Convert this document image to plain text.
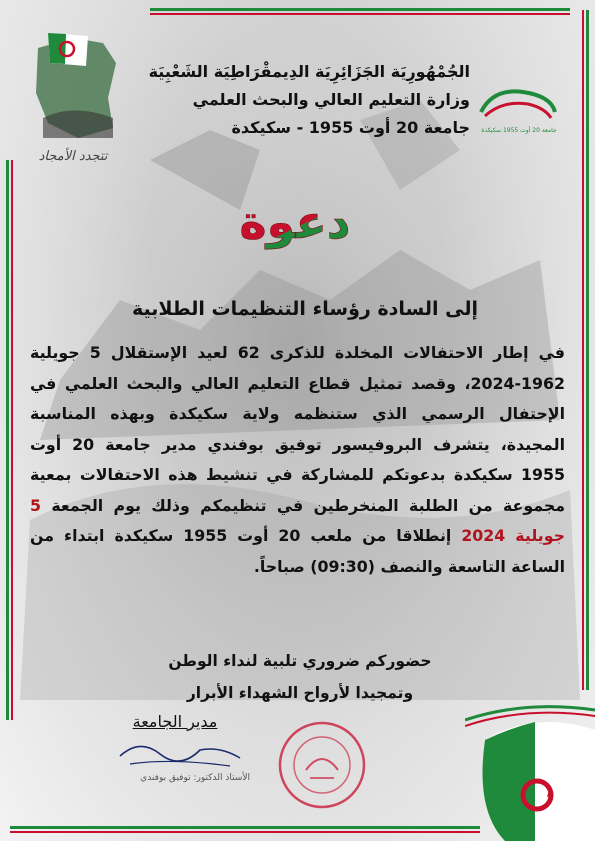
تتجدد الأمجاد
جامعة 20 أوت 1955 سكيكدة
الجُمْهُورِيَة الجَزَائِرِيَة الدِيمقْرَاطِيَة الشَعْبِيَة
وزارة التعليم العالي والبحث العلمي
جامعة 20 أوت 1955 - سكيكدة
دعوة
إلى السادة رؤساء التنظيمات الطلابية
في إطار الاحتفالات المخلدة للذكرى 62 لعيد الإستقلال 5 جويلية 1962-2024، وقصد تمثيل قطاع التعليم العالي والبحث العلمي في الإحتفال الرسمي الذي ستنظمه ولاية سكيكدة وبهذه المناسبة المجيدة، يتشرف البروفيسور توفيق بوفندي مدير جامعة 20 أوت 1955 سكيكدة بدعوتكم للمشاركة في تنشيط هذه الاحتفالات بمعية مجموعة من الطلبة المنخرطين في تنظيمكم وذلك يوم الجمعة 5 جويلية 2024 إنطلاقا من ملعب 20 أوت 1955 سكيكدة ابتداء من الساعة التاسعة والنصف (09:30) صباحاً.
حضوركم ضروري تلبية لنداء الوطن
وتمجيدا لأرواح الشهداء الأبرار
مدير الجامعة
الأستاذ الدكتور: توفيق بوفندي
